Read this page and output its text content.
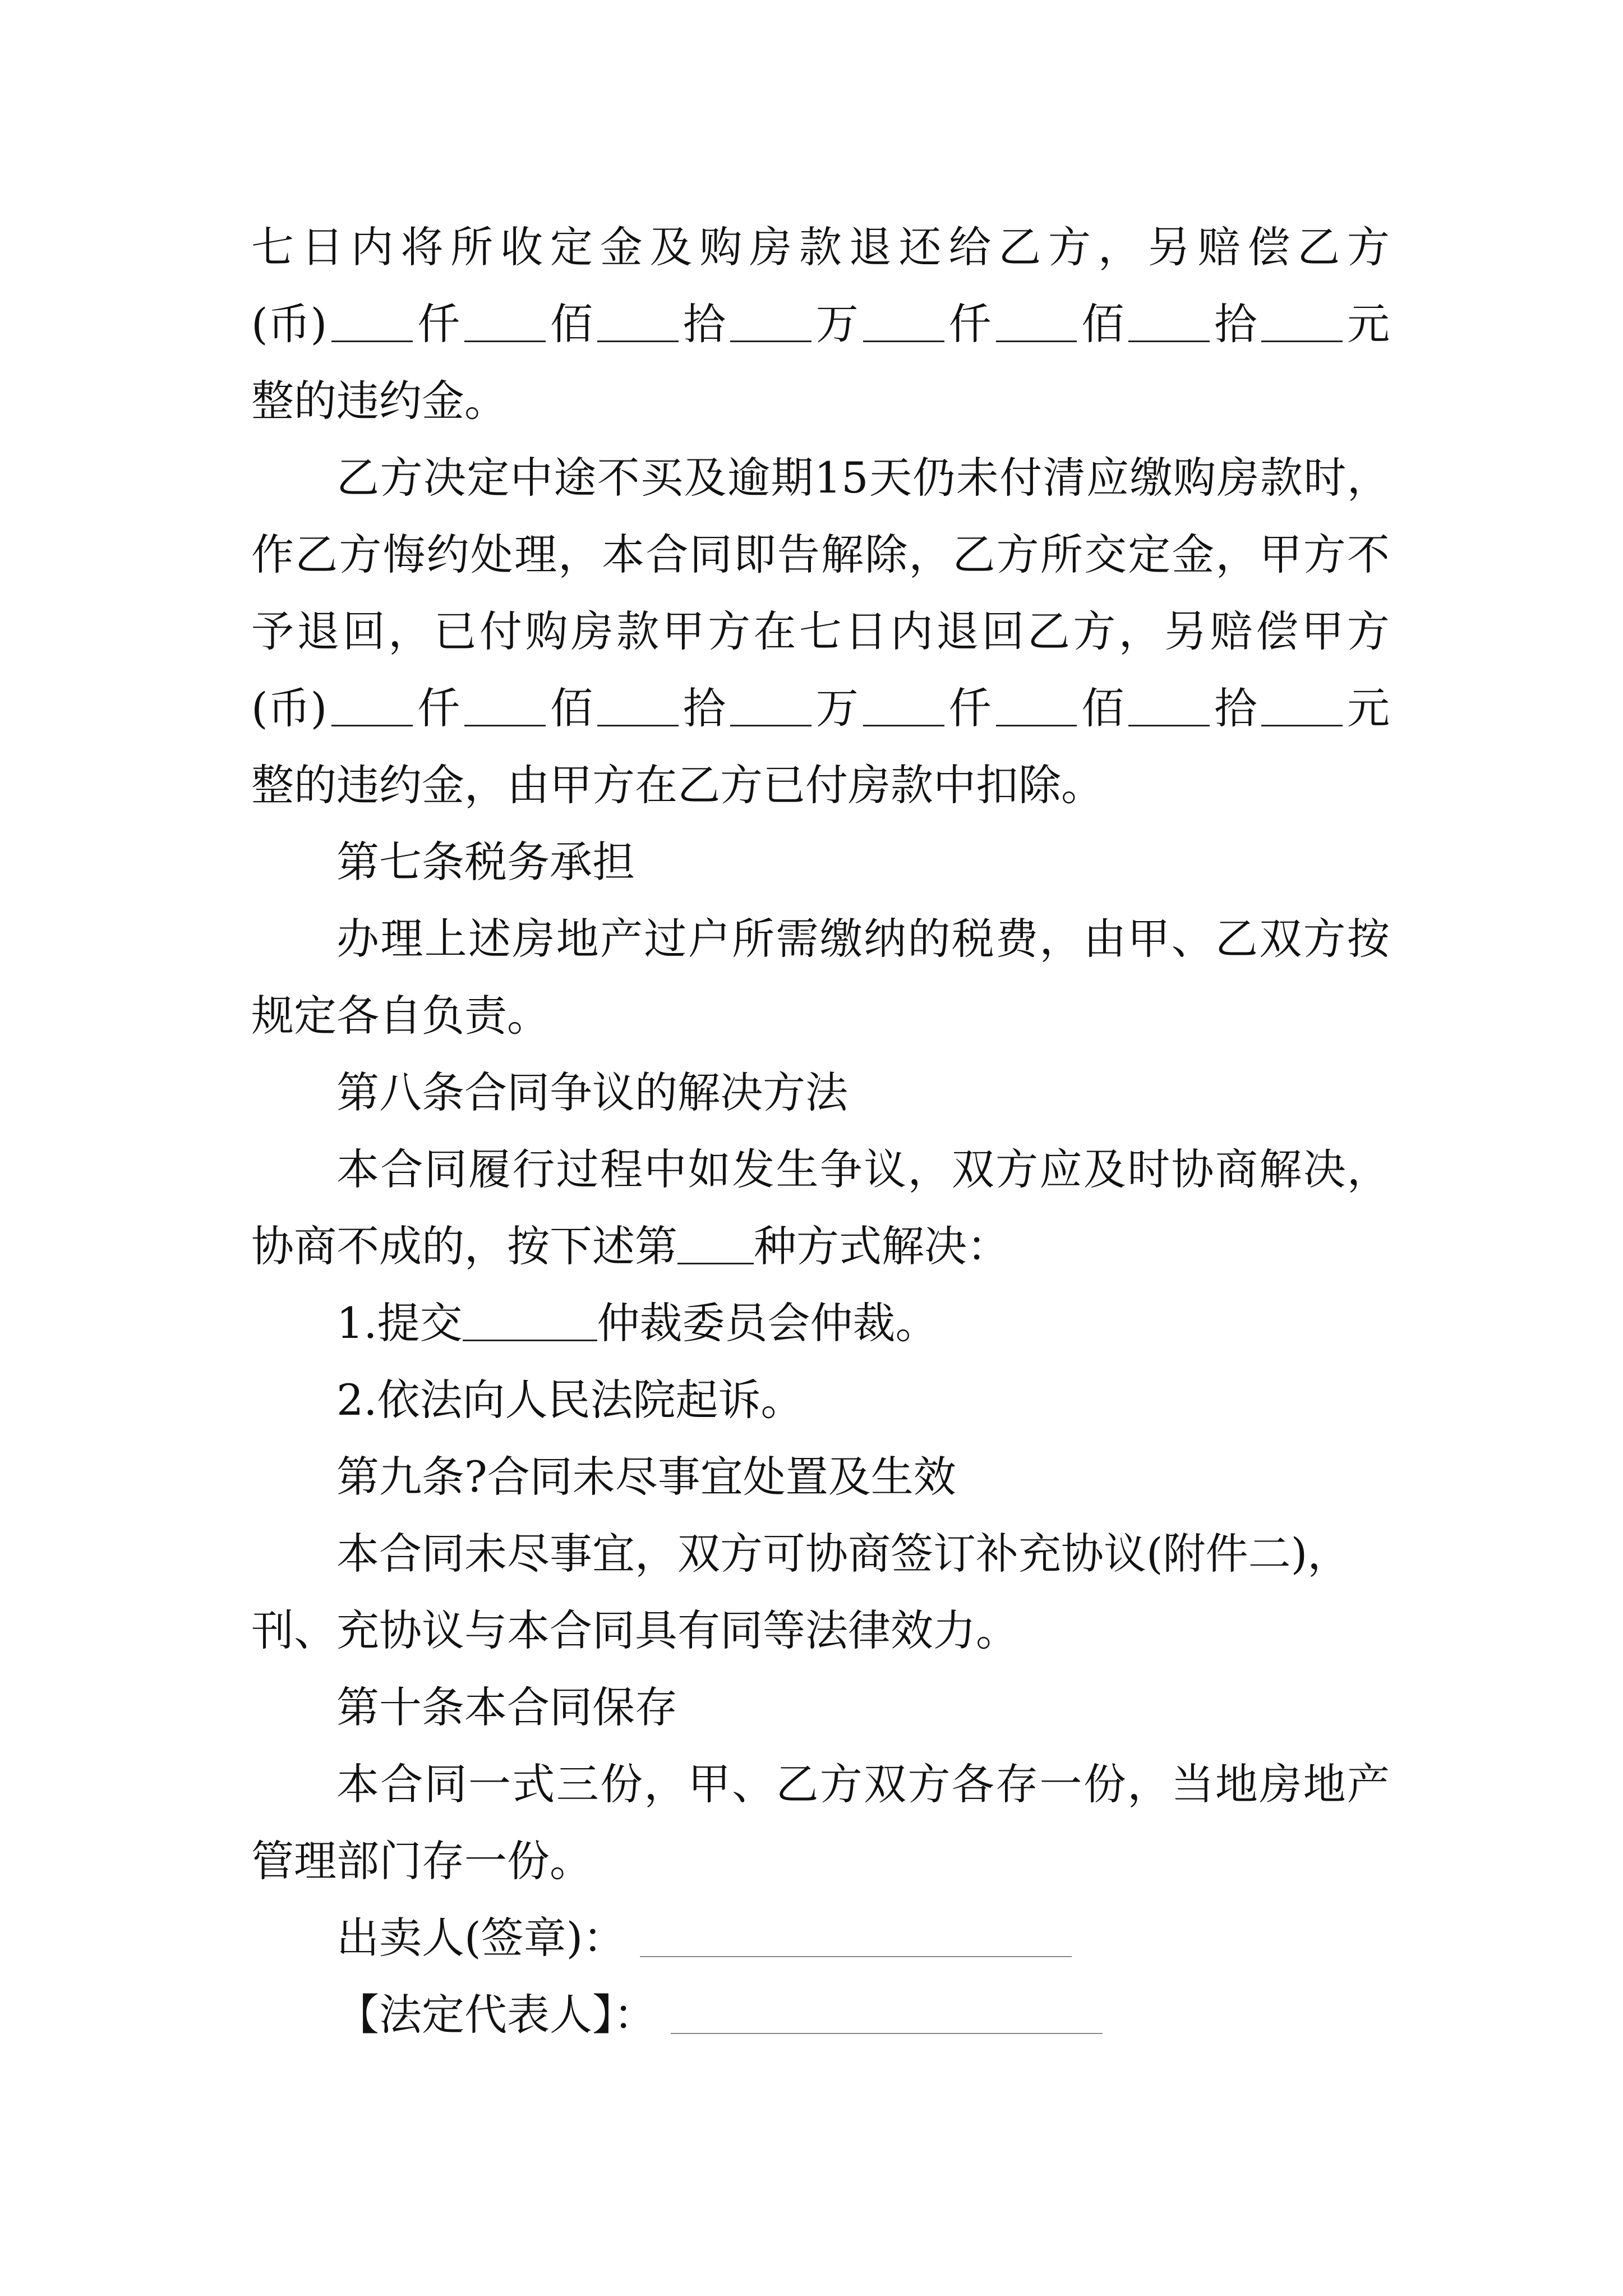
七 日 内 将 所 收 定 金 及 购 房 款 退 还 给 乙 方 ， 另 赔 偿 乙 方
(币) 仟 佰 拾 万 仟 佰 拾 元
整的违约金。
乙 方 决 定 中 途 不 买 及 逾 期 15 天 仍 未 付 清 应 缴 购 房 款 时 ，
作 乙 方 悔 约 处 理 ， 本 合 同 即 告 解 除 ， 乙 方 所 交 定 金 ， 甲 方 不
予 退 回 ， 已 付 购 房 款 甲 方 在 七 日 内 退 回 乙 方 ， 另 赔 偿 甲 方
(币) 仟 佰 拾 万 仟 佰 拾 元
整的违约金，由甲方在乙方已付房款中扣除。
第七条税务承担
办 理 上 述 房 地 产 过 户 所 需 缴 纳 的 税 费 ， 由 甲 、 乙 双 方 按
规定各自负责。
第八条合同争议的解决方法
本 合 同 履 行 过 程 中 如 发 生 争 议 ， 双 方 应 及 时 协 商 解 决 ，
协商不成的，按下述第 种方式解决：
1.提交	仲裁委员会仲裁。
2.依法向人民法院起诉。
第九条?合同未尽事宜处置及生效
本合同未尽事宜，双方可协商签订补充协议(附件二)，
刊、充协议与本合同具有同等法律效力。
第十条本合同保存
本 合 同 一 式 三 份 ， 甲 、 乙 方 双 方 各 存 一 份 ， 当 地 房 地 产
管理部门存一份。
出卖人(签章)：
【法定代表人】：
